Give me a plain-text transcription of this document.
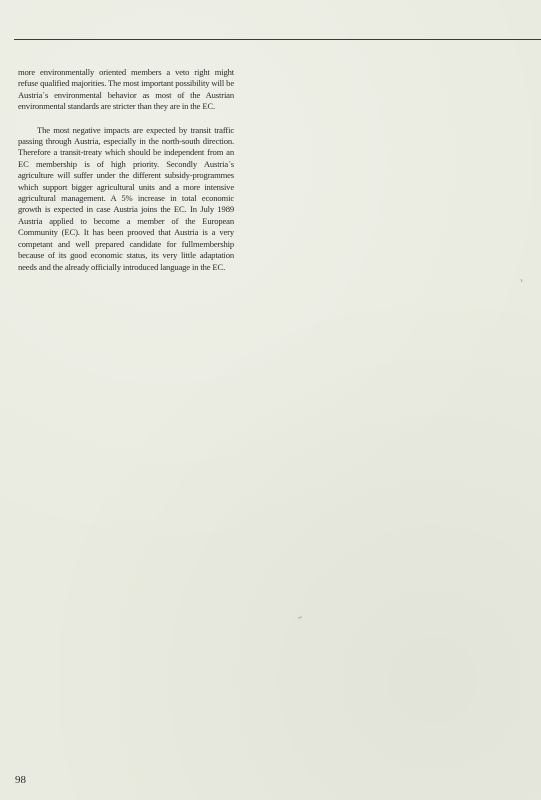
more environmentally oriented members a veto right might refuse qualified majorities. The most important possibility will be Austria´s environmental behavior as most of the Austrian environmental standards are stricter than they are in the EC.

The most negative impacts are expected by transit traffic passing through Austria, especially in the north-south direction. Therefore a transit-treaty which should be independent from an EC membership is of high priority. Secondly Austria´s agriculture will suffer under the different subsidy-programmes which support bigger agricultural units and a more intensive agricultural management. A 5% increase in total economic growth is expected in case Austria joins the EC. In July 1989 Austria applied to become a member of the European Community (EC). It has been prooved that Austria is a very competant and well prepared candidate for fullmembership because of its good economic status, its very little adaptation needs and the already officially introduced language in the EC.

98
